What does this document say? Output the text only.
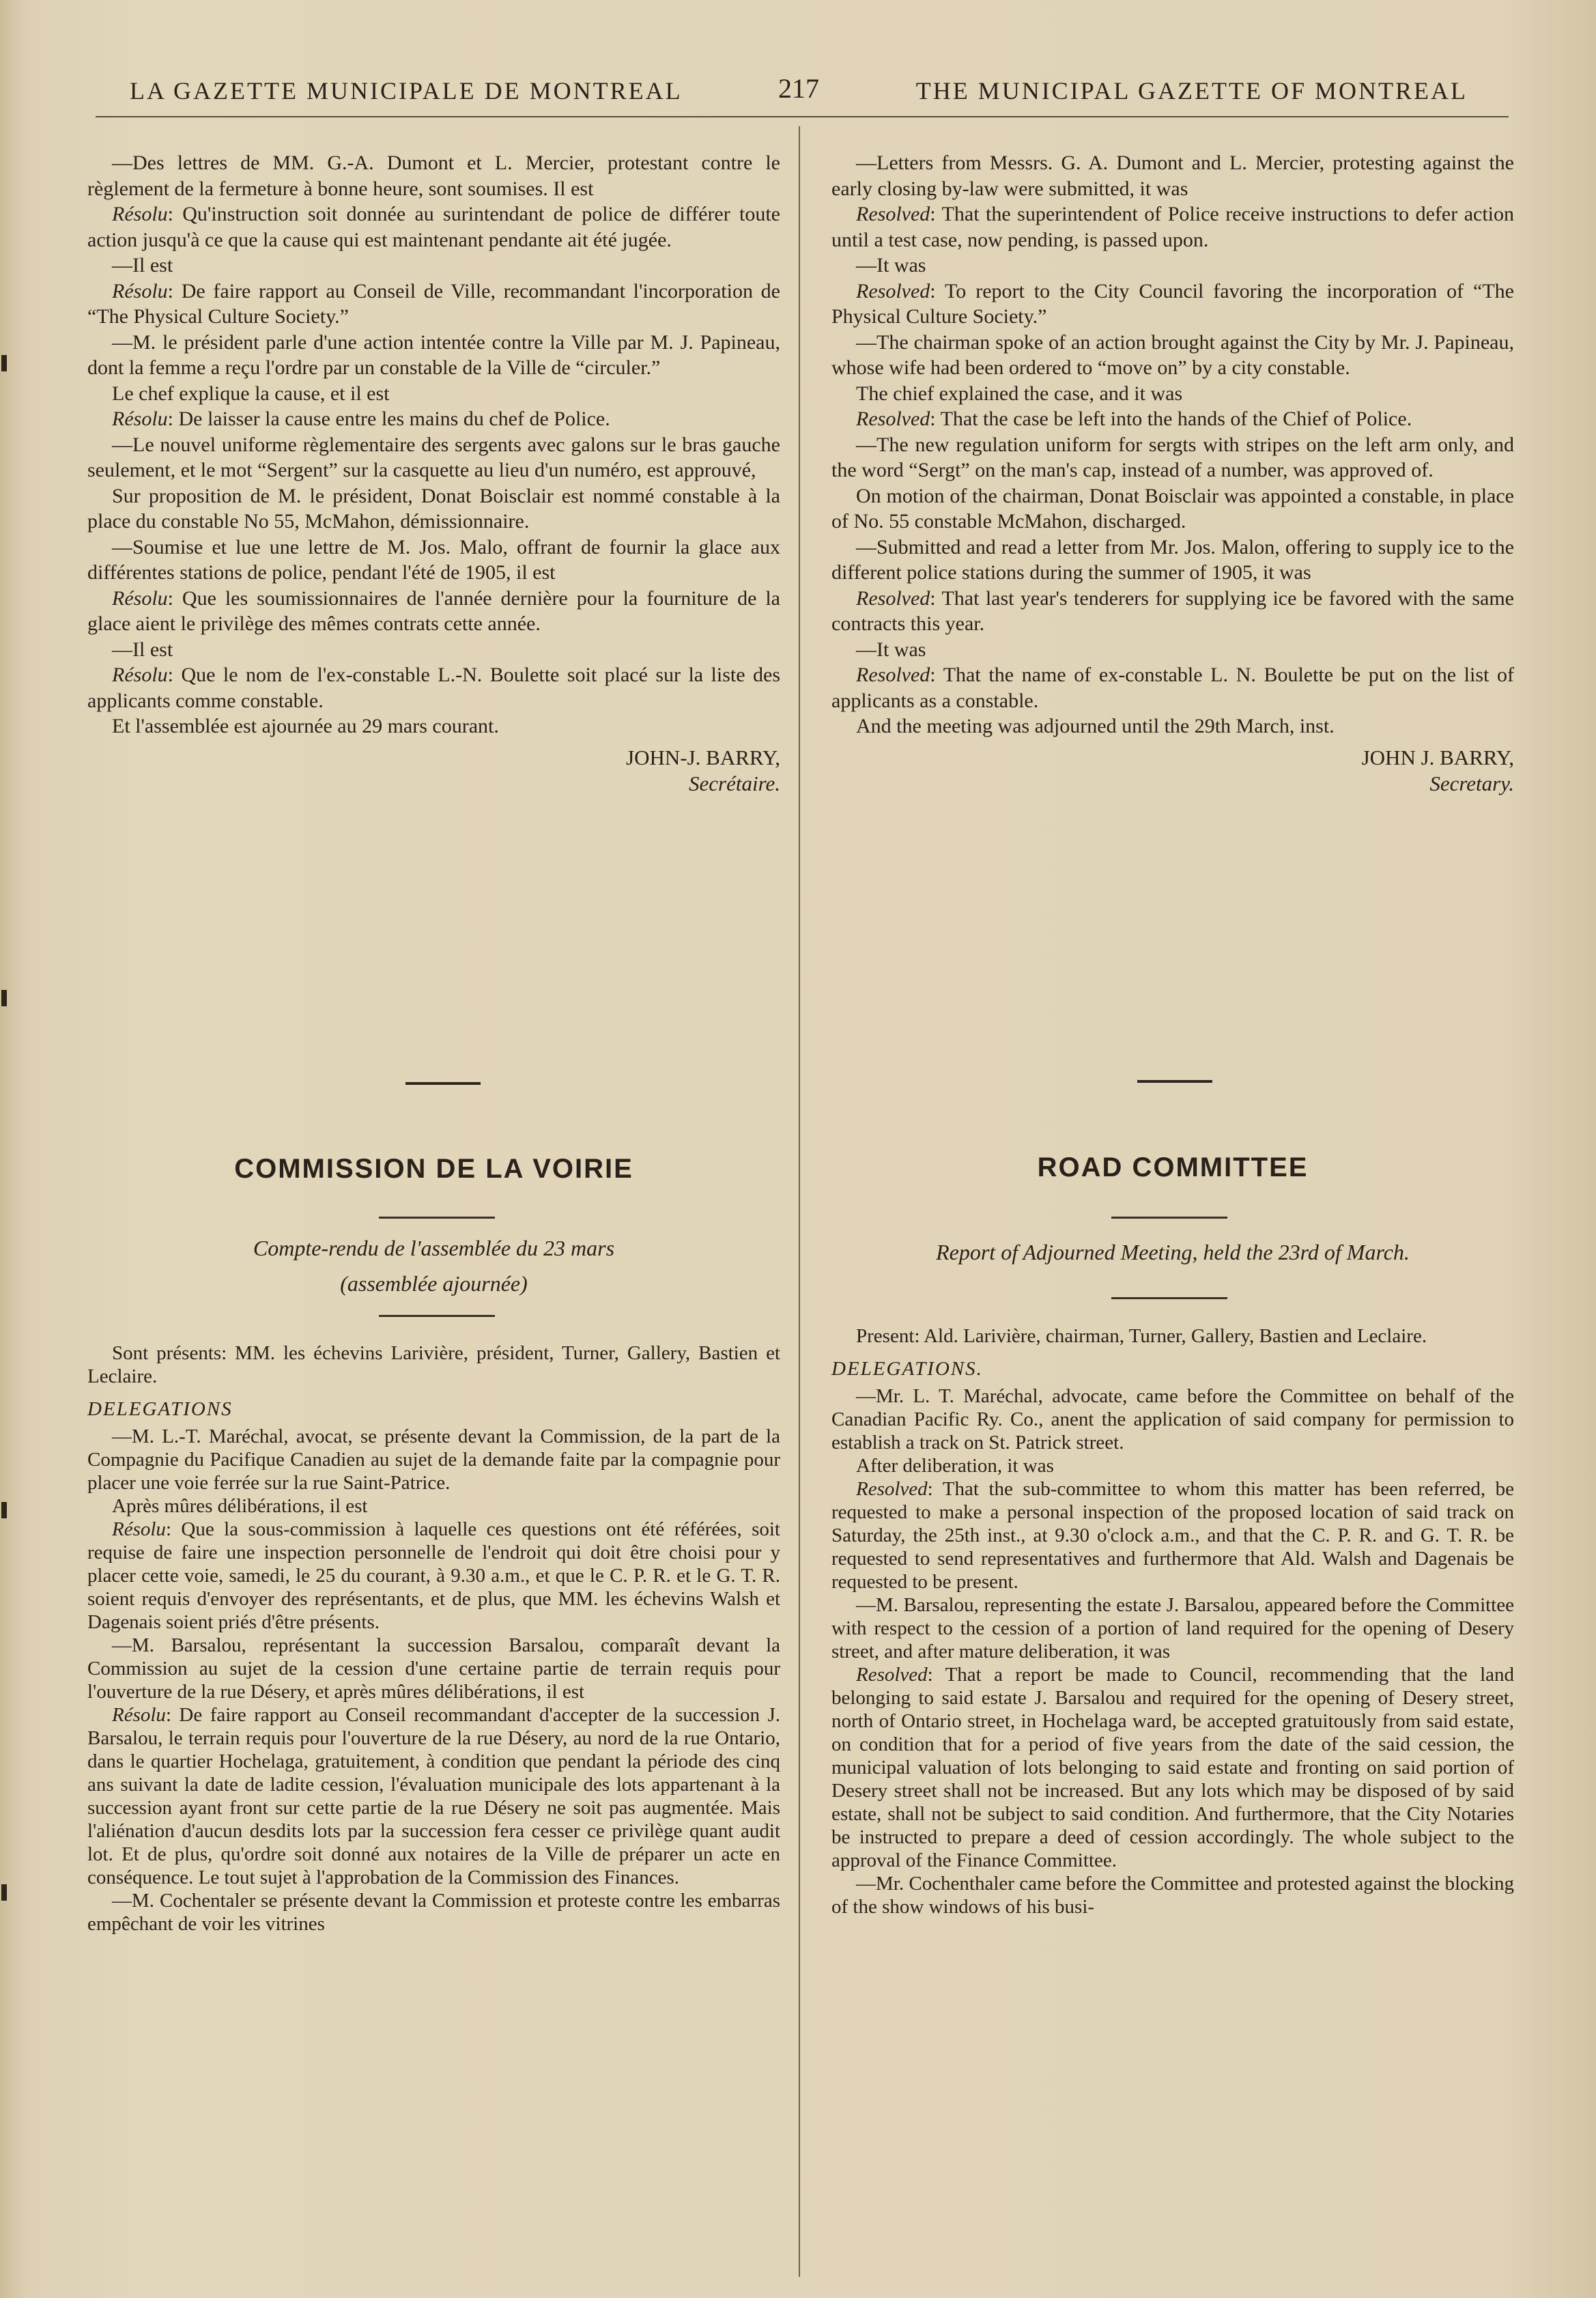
LA GAZETTE MUNICIPALE DE MONTREAL	217	THE MUNICIPAL GAZETTE OF MONTREAL

—Des lettres de MM. G.-A. Dumont et L. Mercier, protestant contre le règlement de la fermeture à bonne heure, sont soumises. Il est

Résolu: Qu'instruction soit donnée au surintendant de police de différer toute action jusqu'à ce que la cause qui est maintenant pendante ait été jugée.

—Il est

Résolu: De faire rapport au Conseil de Ville, recommandant l'incorporation de “The Physical Culture Society.”

—M. le président parle d'une action intentée contre la Ville par M. J. Papineau, dont la femme a reçu l'ordre par un constable de la Ville de “circuler.”

Le chef explique la cause, et il est

Résolu: De laisser la cause entre les mains du chef de Police.

—Le nouvel uniforme règlementaire des sergents avec galons sur le bras gauche seulement, et le mot “Sergent” sur la casquette au lieu d'un numéro, est approuvé,

Sur proposition de M. le président, Donat Boisclair est nommé constable à la place du constable No 55, McMahon, démissionnaire.

—Soumise et lue une lettre de M. Jos. Malo, offrant de fournir la glace aux différentes stations de police, pendant l'été de 1905, il est

Résolu: Que les soumissionnaires de l'année dernière pour la fourniture de la glace aient le privilège des mêmes contrats cette année.

—Il est

Résolu: Que le nom de l'ex-constable L.-N. Boulette soit placé sur la liste des applicants comme constable.

Et l'assemblée est ajournée au 29 mars courant.

JOHN-J. BARRY,

Secrétaire.

—Letters from Messrs. G. A. Dumont and L. Mercier, protesting against the early closing by-law were submitted, it was

Resolved: That the superintendent of Police receive instructions to defer action until a test case, now pending, is passed upon.

—It was

Resolved: To report to the City Council favoring the incorporation of “The Physical Culture Society.”

—The chairman spoke of an action brought against the City by Mr. J. Papineau, whose wife had been ordered to “move on” by a city constable.

The chief explained the case, and it was

Resolved: That the case be left into the hands of the Chief of Police.

—The new regulation uniform for sergts with stripes on the left arm only, and the word “Sergt” on the man's cap, instead of a number, was approved of.

On motion of the chairman, Donat Boisclair was appointed a constable, in place of No. 55 constable McMahon, discharged.

—Submitted and read a letter from Mr. Jos. Malon, offering to supply ice to the different police stations during the summer of 1905, it was

Resolved: That last year's tenderers for supplying ice be favored with the same contracts this year.

—It was

Resolved: That the name of ex-constable L. N. Boulette be put on the list of applicants as a constable.

And the meeting was adjourned until the 29th March, inst.

JOHN J. BARRY,

Secretary.

COMMISSION DE LA VOIRIE
Compte-rendu de l'assemblée du 23 mars
(assemblée ajournée)
ROAD COMMITTEE
Report of Adjourned Meeting, held the 23rd of March.

Sont présents: MM. les échevins Larivière, président, Turner, Gallery, Bastien et Leclaire.

DELEGATIONS

—M. L.-T. Maréchal, avocat, se présente devant la Commission, de la part de la Compagnie du Pacifique Canadien au sujet de la demande faite par la compagnie pour placer une voie ferrée sur la rue Saint-Patrice.

Après mûres délibérations, il est

Résolu: Que la sous-commission à laquelle ces questions ont été référées, soit requise de faire une inspection personnelle de l'endroit qui doit être choisi pour y placer cette voie, samedi, le 25 du courant, à 9.30 a.m., et que le C. P. R. et le G. T. R. soient requis d'envoyer des représentants, et de plus, que MM. les échevins Walsh et Dagenais soient priés d'être présents.

—M. Barsalou, représentant la succession Barsalou, comparaît devant la Commission au sujet de la cession d'une certaine partie de terrain requis pour l'ouverture de la rue Désery, et après mûres délibérations, il est

Résolu: De faire rapport au Conseil recommandant d'accepter de la succession J. Barsalou, le terrain requis pour l'ouverture de la rue Désery, au nord de la rue Ontario, dans le quartier Hochelaga, gratuitement, à condition que pendant la période des cinq ans suivant la date de ladite cession, l'évaluation municipale des lots appartenant à la succession ayant front sur cette partie de la rue Désery ne soit pas augmentée. Mais l'aliénation d'aucun desdits lots par la succession fera cesser ce privilège quant audit lot. Et de plus, qu'ordre soit donné aux notaires de la Ville de préparer un acte en conséquence. Le tout sujet à l'approbation de la Commission des Finances.

—M. Cochentaler se présente devant la Commission et proteste contre les embarras empêchant de voir les vitrines

Present: Ald. Larivière, chairman, Turner, Gallery, Bastien and Leclaire.

DELEGATIONS.

—Mr. L. T. Maréchal, advocate, came before the Committee on behalf of the Canadian Pacific Ry. Co., anent the application of said company for permission to establish a track on St. Patrick street.

After deliberation, it was

Resolved: That the sub-committee to whom this matter has been referred, be requested to make a personal inspection of the proposed location of said track on Saturday, the 25th inst., at 9.30 o'clock a.m., and that the C. P. R. and G. T. R. be requested to send representatives and furthermore that Ald. Walsh and Dagenais be requested to be present.

—M. Barsalou, representing the estate J. Barsalou, appeared before the Committee with respect to the cession of a portion of land required for the opening of Desery street, and after mature deliberation, it was

Resolved: That a report be made to Council, recommending that the land belonging to said estate J. Barsalou and required for the opening of Desery street, north of Ontario street, in Hochelaga ward, be accepted gratuitously from said estate, on condition that for a period of five years from the date of the said cession, the municipal valuation of lots belonging to said estate and fronting on said portion of Desery street shall not be increased. But any lots which may be disposed of by said estate, shall not be subject to said condition. And furthermore, that the City Notaries be instructed to prepare a deed of cession accordingly. The whole subject to the approval of the Finance Committee.

—Mr. Cochenthaler came before the Committee and protested against the blocking of the show windows of his busi-
